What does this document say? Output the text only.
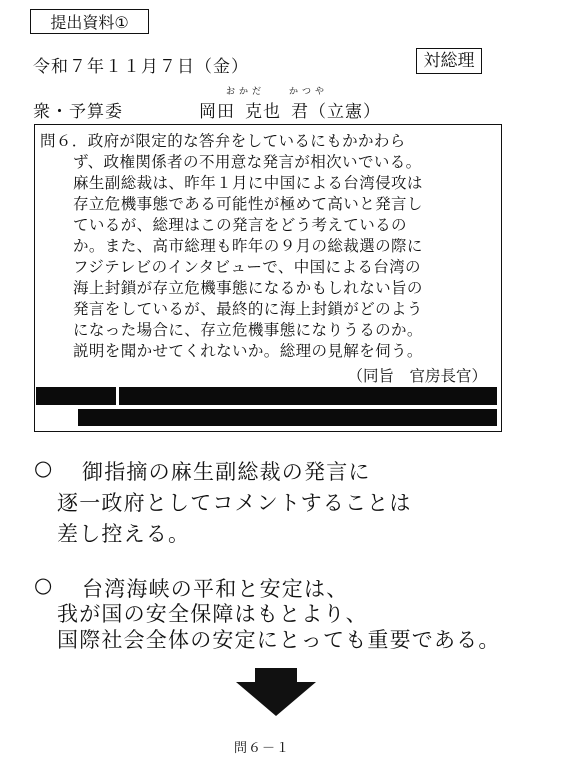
提出資料①
令和７年１１月７日（金）	対総理
衆・予算委
おかだ	かつや
岡田 克也 君（立憲）
問６．政府が限定的な答弁をしているにもかかわら
ず、政権関係者の不用意な発言が相次いでいる。
麻生副総裁は、昨年１月に中国による台湾侵攻は
存立危機事態である可能性が極めて高いと発言し
ているが、総理はこの発言をどう考えているの
か。また、高市総理も昨年の９月の総裁選の際に
フジテレビのインタビューで、中国による台湾の
海上封鎖が存立危機事態になるかもしれない旨の
発言をしているが、最終的に海上封鎖がどのよう
になった場合に、存立危機事態になりうるのか。
説明を聞かせてくれないか。総理の見解を伺う。
（同旨　官房長官）
○ 御指摘の麻生副総裁の発言に
逐一政府としてコメントすることは
差し控える。
○ 台湾海峡の平和と安定は、
我が国の安全保障はもとより、
国際社会全体の安定にとっても重要である。
問６－１
